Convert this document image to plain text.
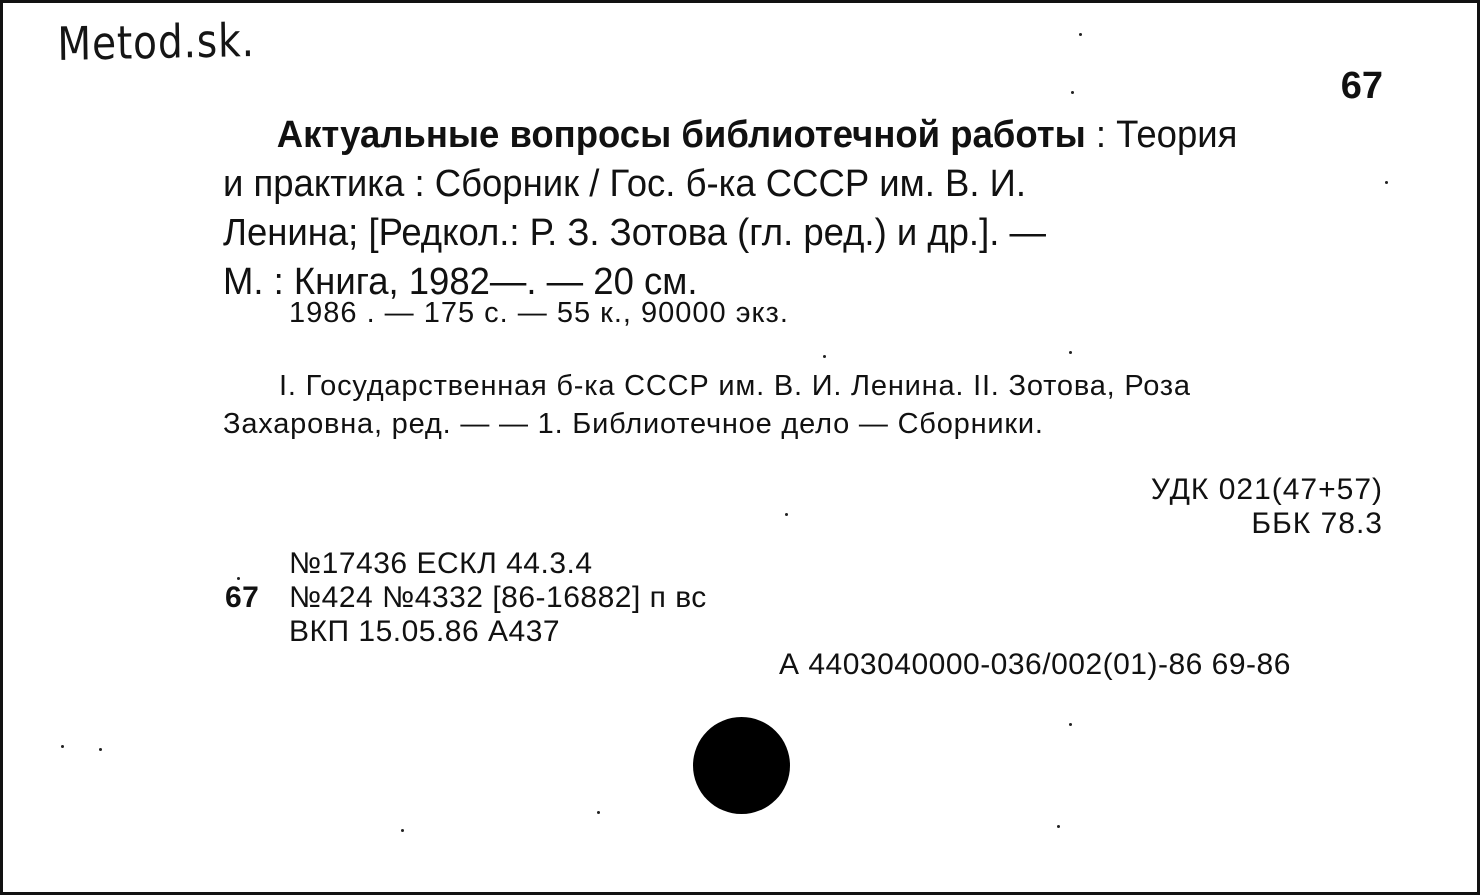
Metod.sk.
67
Актуальные вопросы библиотечной работы : Теория
и практика : Сборник / Гос. б-ка СССР им. В. И.
Ленина; [Редкол.: Р. З. Зотова (гл. ред.) и др.]. —
М. : Книга, 1982—. — 20 см.
1986 . — 175 с. — 55 к., 90000 экз.
I. Государственная б-ка СССР им. В. И. Ленина. II. Зотова, Роза
Захаровна, ред. — — 1. Библиотечное дело — Сборники.
УДК 021(47+57)
ББК 78.3
№17436 ЕСКЛ 44.3.4
67 №424 №4332 [86-16882] п вс
ВКП 15.05.86 А437
А 4403040000-036/002(01)-86 69-86
